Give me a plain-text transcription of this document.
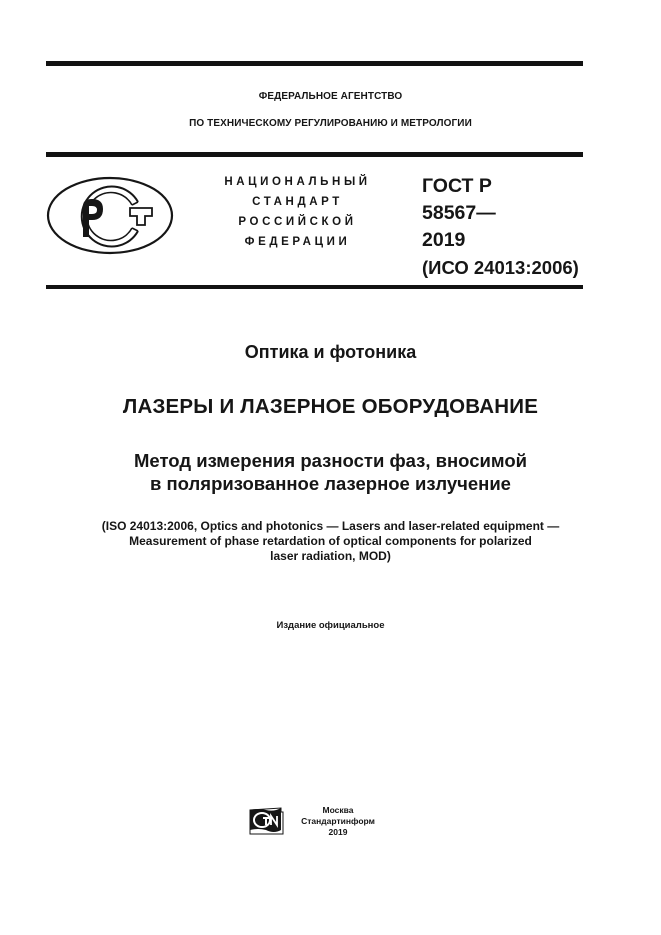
ФЕДЕРАЛЬНОЕ АГЕНТСТВО
ПО ТЕХНИЧЕСКОМУ РЕГУЛИРОВАНИЮ И МЕТРОЛОГИИ
НАЦИОНАЛЬНЫЙ
СТАНДАРТ
РОССИЙСКОЙ
ФЕДЕРАЦИИ
ГОСТ Р
58567—
2019
(ИСО 24013:2006)
Оптика и фотоника
ЛАЗЕРЫ И ЛАЗЕРНОЕ ОБОРУДОВАНИЕ
Метод измерения разности фаз, вносимой
в поляризованное лазерное излучение
(ISO 24013:2006, Optics and photonics — Lasers and laser-related equipment —
Measurement of phase retardation of optical components for polarized
laser radiation, MOD)
Издание официальное
Москва
Стандартинформ
2019
